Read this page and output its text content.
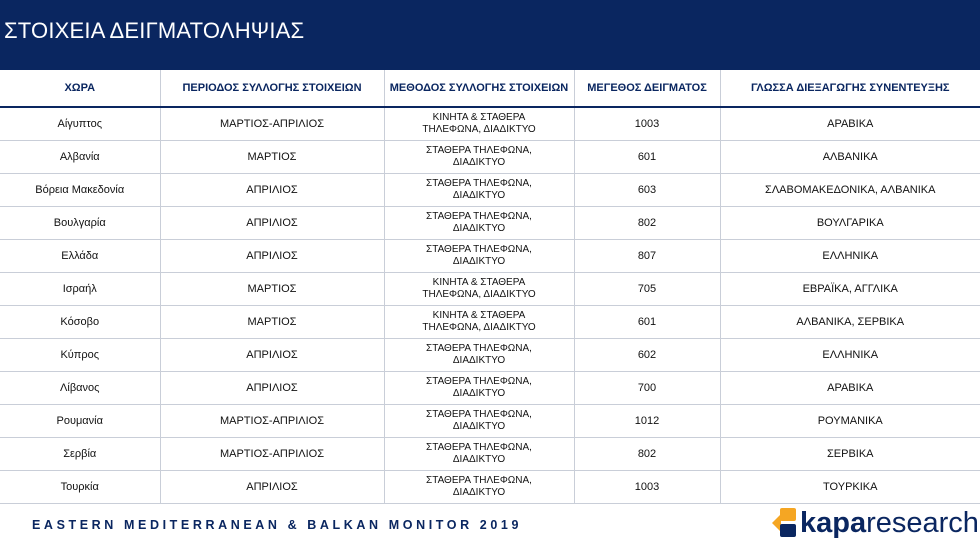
ΣΤΟΙΧΕΙΑ ΔΕΙΓΜΑΤΟΛΗΨΙΑΣ
ΧΩΡΑ	ΠΕΡΙΟΔΟΣ ΣΥΛΛΟΓΗΣ ΣΤΟΙΧΕΙΩΝ	ΜΕΘΟΔΟΣ ΣΥΛΛΟΓΗΣ ΣΤΟΙΧΕΙΩΝ	ΜΕΓΕΘΟΣ ΔΕΙΓΜΑΤΟΣ	ΓΛΩΣΣΑ ΔΙΕΞΑΓΩΓΗΣ ΣΥΝΕΝΤΕΥΞΗΣ
Αίγυπτος	ΜΑΡΤΙΟΣ-ΑΠΡΙΛΙΟΣ	ΚΙΝΗΤΑ & ΣΤΑΘΕΡΑ ΤΗΛΕΦΩΝΑ, ΔΙΑΔΙΚΤΥΟ	1003	ΑΡΑΒΙΚΑ
Αλβανία	ΜΑΡΤΙΟΣ	ΣΤΑΘΕΡΑ ΤΗΛΕΦΩΝΑ, ΔΙΑΔΙΚΤΥΟ	601	ΑΛΒΑΝΙΚΑ
Βόρεια Μακεδονία	ΑΠΡΙΛΙΟΣ	ΣΤΑΘΕΡΑ ΤΗΛΕΦΩΝΑ, ΔΙΑΔΙΚΤΥΟ	603	ΣΛΑΒΟΜΑΚΕΔΟΝΙΚΑ, ΑΛΒΑΝΙΚΑ
Βουλγαρία	ΑΠΡΙΛΙΟΣ	ΣΤΑΘΕΡΑ ΤΗΛΕΦΩΝΑ, ΔΙΑΔΙΚΤΥΟ	802	ΒΟΥΛΓΑΡΙΚΑ
Ελλάδα	ΑΠΡΙΛΙΟΣ	ΣΤΑΘΕΡΑ ΤΗΛΕΦΩΝΑ, ΔΙΑΔΙΚΤΥΟ	807	ΕΛΛΗΝΙΚΑ
Ισραήλ	ΜΑΡΤΙΟΣ	ΚΙΝΗΤΑ & ΣΤΑΘΕΡΑ ΤΗΛΕΦΩΝΑ, ΔΙΑΔΙΚΤΥΟ	705	ΕΒΡΑΪΚΑ, ΑΓΓΛΙΚΑ
Κόσοβο	ΜΑΡΤΙΟΣ	ΚΙΝΗΤΑ & ΣΤΑΘΕΡΑ ΤΗΛΕΦΩΝΑ, ΔΙΑΔΙΚΤΥΟ	601	ΑΛΒΑΝΙΚΑ, ΣΕΡΒΙΚΑ
Κύπρος	ΑΠΡΙΛΙΟΣ	ΣΤΑΘΕΡΑ ΤΗΛΕΦΩΝΑ, ΔΙΑΔΙΚΤΥΟ	602	ΕΛΛΗΝΙΚΑ
Λίβανος	ΑΠΡΙΛΙΟΣ	ΣΤΑΘΕΡΑ ΤΗΛΕΦΩΝΑ, ΔΙΑΔΙΚΤΥΟ	700	ΑΡΑΒΙΚΑ
Ρουμανία	ΜΑΡΤΙΟΣ-ΑΠΡΙΛΙΟΣ	ΣΤΑΘΕΡΑ ΤΗΛΕΦΩΝΑ, ΔΙΑΔΙΚΤΥΟ	1012	ΡΟΥΜΑΝΙΚΑ
Σερβία	ΜΑΡΤΙΟΣ-ΑΠΡΙΛΙΟΣ	ΣΤΑΘΕΡΑ ΤΗΛΕΦΩΝΑ, ΔΙΑΔΙΚΤΥΟ	802	ΣΕΡΒΙΚΑ
Τουρκία	ΑΠΡΙΛΙΟΣ	ΣΤΑΘΕΡΑ ΤΗΛΕΦΩΝΑ, ΔΙΑΔΙΚΤΥΟ	1003	ΤΟΥΡΚΙΚΑ
EASTERN MEDITERRANEAN & BALKAN MONITOR 2019	kaparesearch
